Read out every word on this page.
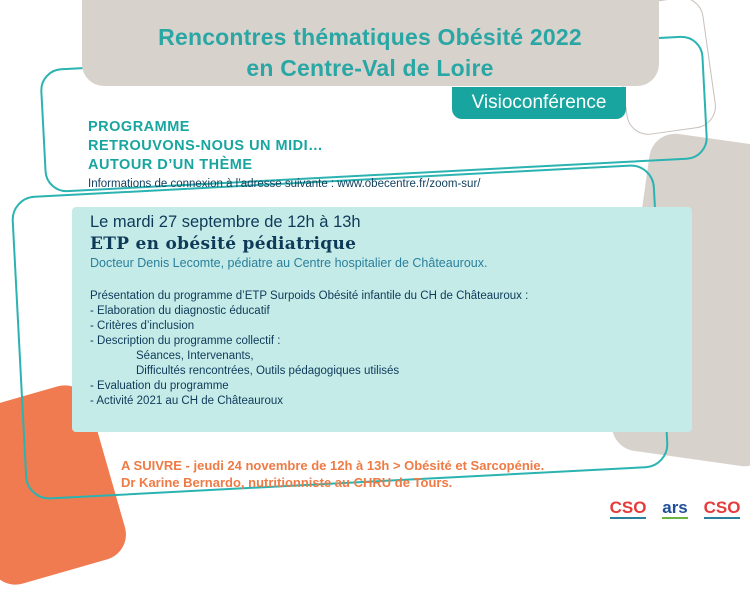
Rencontres thématiques Obésité 2022
en Centre-Val de Loire
Visioconférence
PROGRAMME
RETROUVONS-NOUS UN MIDI…
AUTOUR D’UN THÈME
Informations de connexion à l’adresse suivante : www.obecentre.fr/zoom-sur/
Le mardi 27 septembre de 12h à 13h
ETP en obésité pédiatrique
Docteur Denis Lecomte, pédiatre au Centre hospitalier de Châteauroux.
Présentation du programme d’ETP Surpoids Obésité infantile du CH de Châteauroux :
- Elaboration du diagnostic éducatif
- Critères d’inclusion
- Description du programme collectif :
Séances, Intervenants,
Difficultés rencontrées, Outils pédagogiques utilisés
- Evaluation du programme
- Activité 2021 au CH de Châteauroux
A SUIVRE - jeudi 24 novembre de 12h à 13h > Obésité et Sarcopénie.
Dr Karine Bernardo, nutritionniste au CHRU de Tours.
CSO ars CSO
